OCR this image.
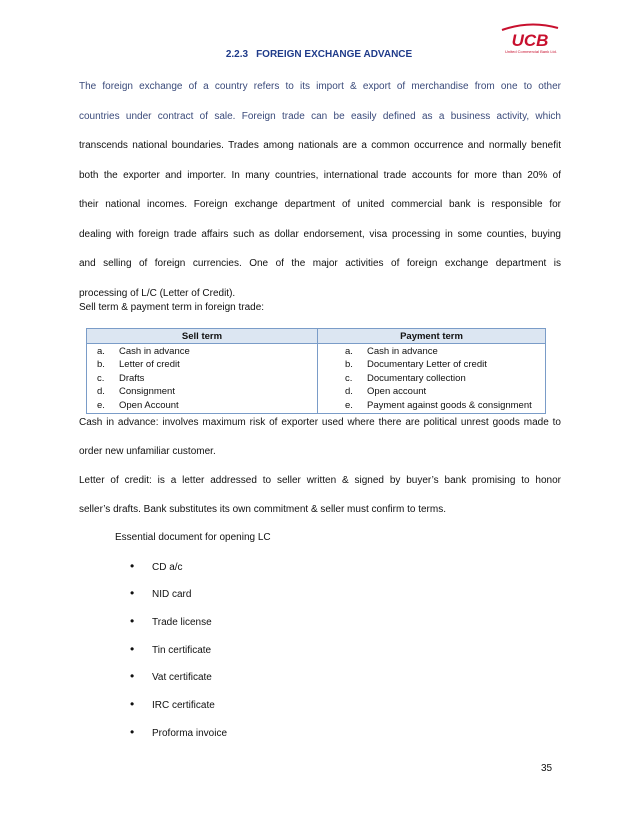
UCB
United Commercial Bank Ltd.
2.2.3 FOREIGN EXCHANGE ADVANCE
The foreign exchange of a country refers to its import & export of merchandise from one to other
countries under contract of sale. Foreign trade can be easily defined as a business activity, which
transcends national boundaries. Trades among nationals are a common occurrence and normally benefit
both the exporter and importer. In many countries, international trade accounts for more than 20% of
their national incomes. Foreign exchange department of united commercial bank is responsible for
dealing with foreign trade affairs such as dollar endorsement, visa processing in some counties, buying
and selling of foreign currencies. One of the major activities of foreign exchange department is
processing of L/C (Letter of Credit).
Sell term & payment term in foreign trade:
Sell term	Payment term
a. Cash in advance
b. Letter of credit
c. Drafts
d. Consignment
e. Open Account
a. Cash in advance
b. Documentary Letter of credit
c. Documentary collection
d. Open account
e. Payment against goods & consignment
Cash in advance: involves maximum risk of exporter used where there are political unrest goods made to
order new unfamiliar customer.
Letter of credit: is a letter addressed to seller written & signed by buyer’s bank promising to honor
seller’s drafts. Bank substitutes its own commitment & seller must confirm to terms.
Essential document for opening LC
• CD a/c
• NID card
• Trade license
• Tin certificate
• Vat certificate
• IRC certificate
• Proforma invoice
35
